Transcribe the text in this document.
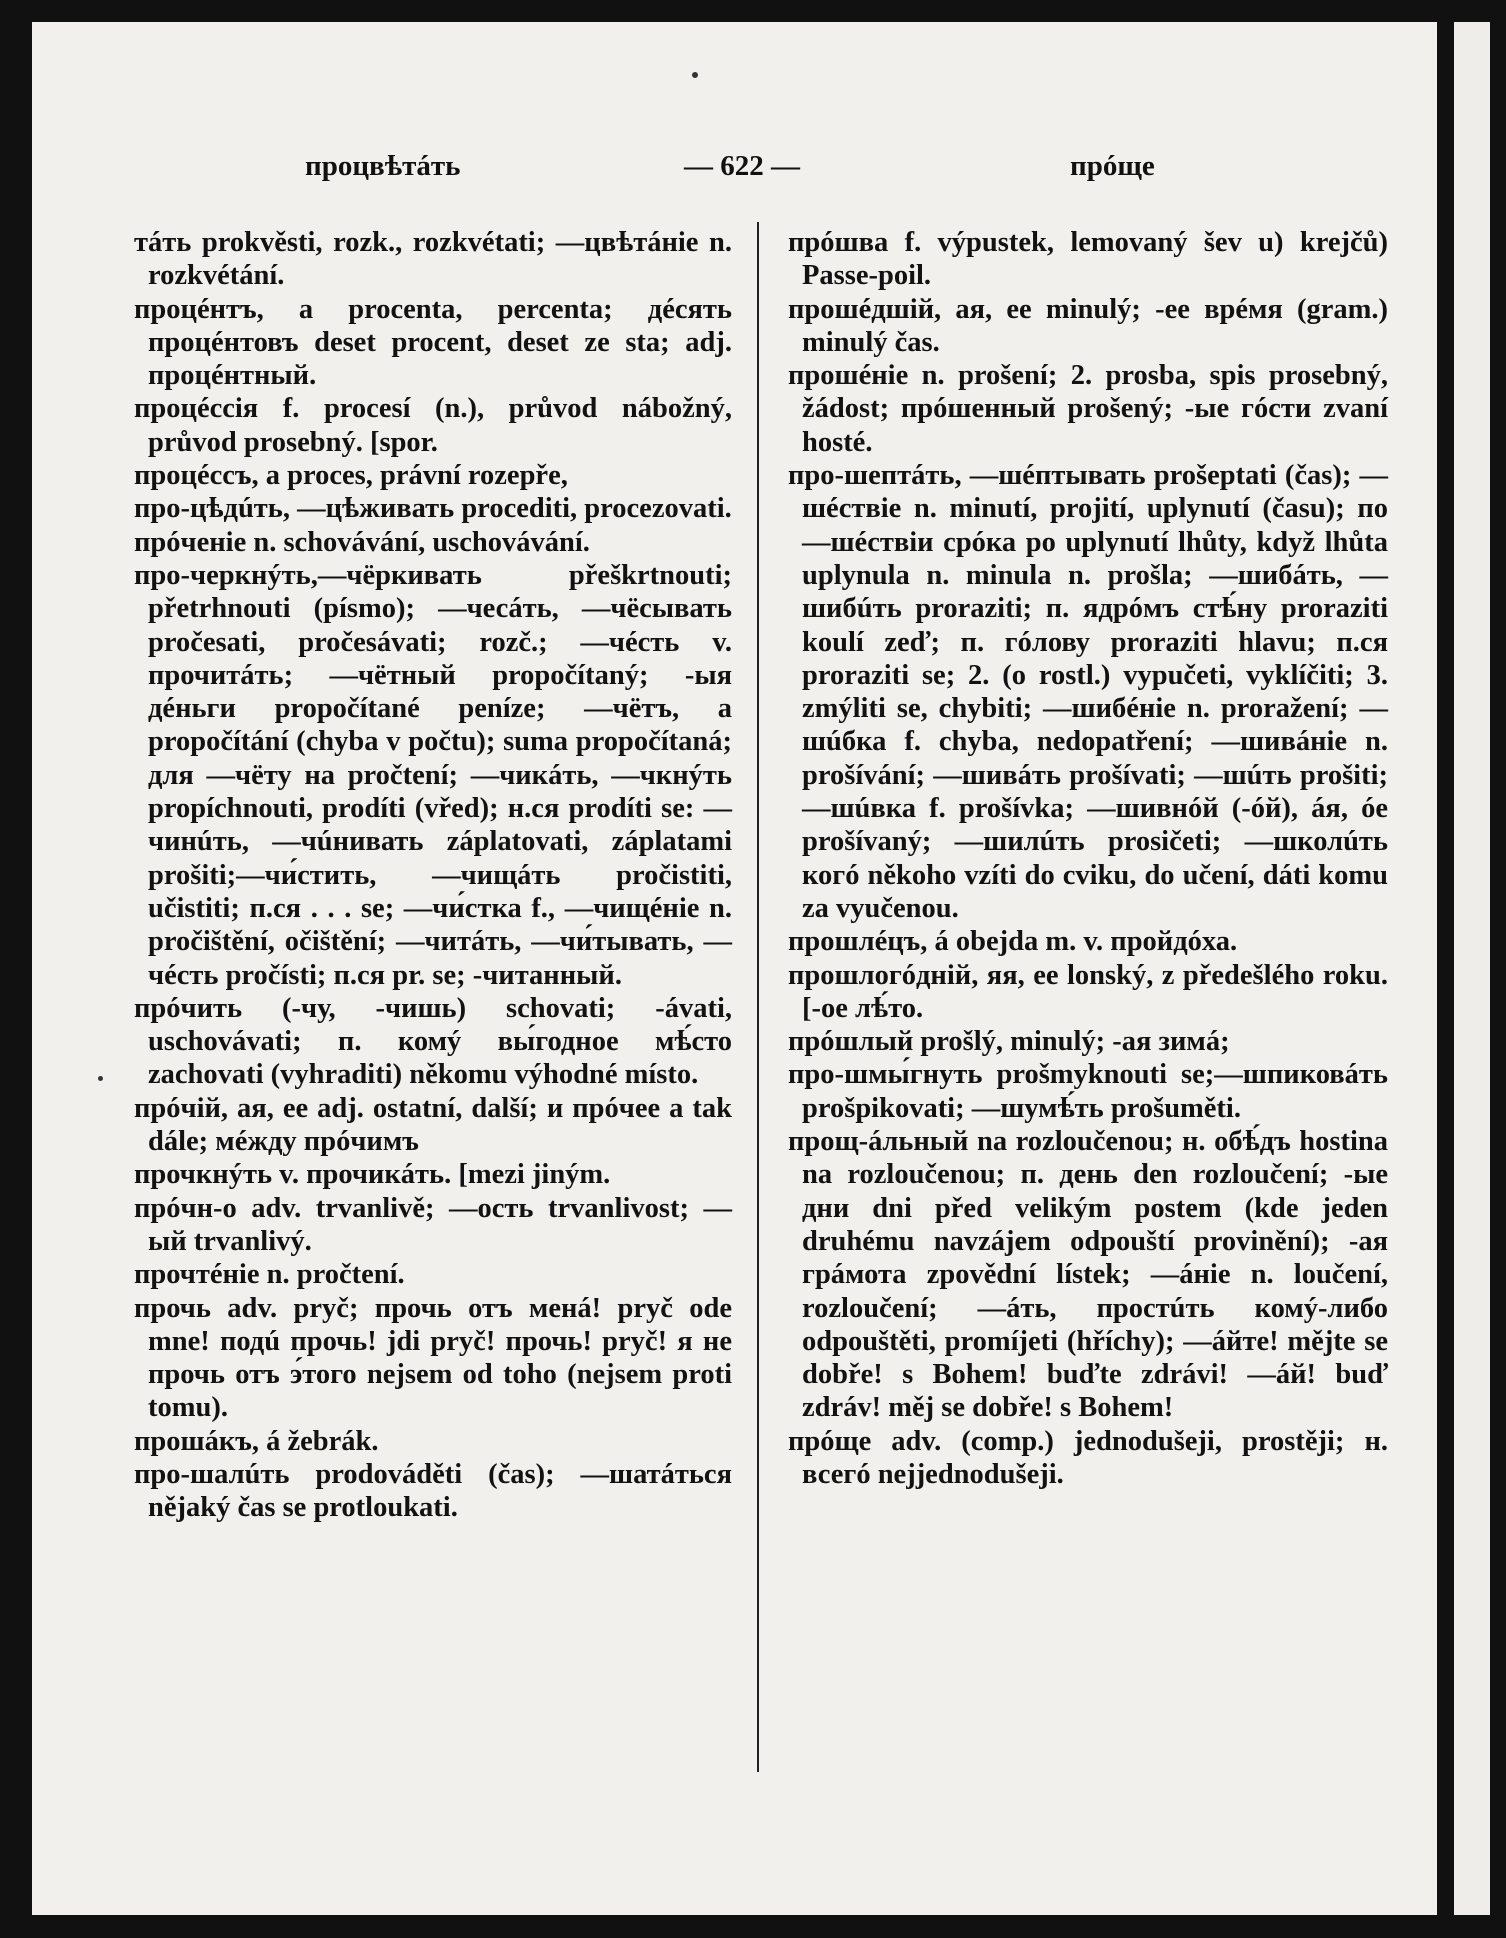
процвѣтáть	— 622 —	прóще

тáть prokvěsti, rozk., rozkvétati; —цвѣтáніе n. rozkvétání.

процéнтъ, a procenta, percenta; дéсять процéнтовъ deset procent, deset ze sta; adj. процéнтный.

процéссія f. procesí (n.), průvod nábožný, průvod prosebný. [spor.

процéссъ, a proces, právní rozepře,

про-цѣдúть, —цѣживать procediti, procezovati.

прóченіе n. schovávání, uschovávání.

про-черкнýть,—чёркивать přeškrtnouti; přetrhnouti (písmo); —чесáть, —чёсывать pročesati, pročesávati; rozč.; —чéсть v. прочитáть; —чётный propočítaný; -ыя дéньги propočítané peníze; —чётъ, a propočítání (chyba v počtu); suma propočítaná; для —чёту на pročtení; —чикáть, —чкнýть propíchnouti, prodíti (vřed); н.ся prodíti se: —чинúть, —чúнивать záplatovati, záplatami prošiti;—чи́стить, —чищáть pročistiti, učistiti; п.ся . . . se; —чи́стка f., —чищéніе n. pročištění, očištění; —читáть, —чи́тывать, —чéсть pročísti; п.ся pr. se; -читанный.

прóчить (-чу, -чишь) schovati; -ávati, uschovávati; п. комý вы́годное мѣ́сто zachovati (vyhraditi) někomu výhodné místo.

прóчій, ая, ее adj. ostatní, další; и прóчее a tak dále; мéжду прóчимъ

прочкнýть v. прочикáть. [mezi jiným.

прóчн-о adv. trvanlivě; —ость trvanlivost; —ый trvanlivý.

прочтéніе n. pročtení.

прочь adv. pryč; прочь отъ менá! pryč ode mne! подú прочь! jdi pryč! прочь! pryč! я не прочь отъ э́того nejsem od toho (nejsem proti tomu).

прошáкъ, á žebrák.

про-шалúть prodováděti (čas); —шатáться nějaký čas se protloukati.

прóшва f. výpustek, lemovaný šev u) krejčů) Passe-poil.

прошéдшій, ая, ее minulý; -ее врéмя (gram.) minulý čas.

прошéніе n. prošení; 2. prosba, spis prosebný, žádost; прóшенный prošený; -ые гóсти zvaní hosté.

про-шептáть, —шéптывать prošeptati (čas); —шéствіе n. minutí, projití, uplynutí (času); по —шéствіи срóка po uplynutí lhůty, když lhůta uplynula n. minula n. prošla; —шибáть, —шибúть proraziti; п. ядрóмъ стѣ́ну proraziti koulí zeď; п. гóлову proraziti hlavu; п.ся proraziti se; 2. (o rostl.) vypučeti, vyklíčiti; 3. zmýliti se, chybiti; —шибéніе n. proražení; —шúбка f. chyba, nedopatření; —шивáніе n. prošívání; —шивáть prošívati; —шúть prošiti; —шúвка f. prošívka; —шивнóй (-óй), áя, óе prošívaný; —шилúть prosičeti; —школúть когó někoho vzíti do cviku, do učení, dáti komu za vyučenou.

прошлéцъ, á obejda m. v. пройдóха.

прошлогóдній, яя, ее lonský, z předešlého roku. [-ое лѣ́то.

прóшлый prošlý, minulý; -ая зимá;

про-шмы́гнуть prošmyknouti se;—шпиковáть prošpikovati; —шумѣ́ть prošuměti.

прощ-áльный na rozloučenou; н. обѣ́дъ hostina na rozloučenou; п. день den rozloučení; -ые дни dni před velikým postem (kde jeden druhému navzájem odpouští provinění); -ая грáмота zpovědní lístek; —áніе n. loučení, rozloučení; —áть, простúть комý-либо odpouštěti, promíjeti (hříchy); —áйте! mějte se dobře! s Bohem! buďte zdrávi! —áй! buď zdráv! měj se dobře! s Bohem!

прóще adv. (comp.) jednodušeji, prostěji; н. всегó nejjednodušeji.
